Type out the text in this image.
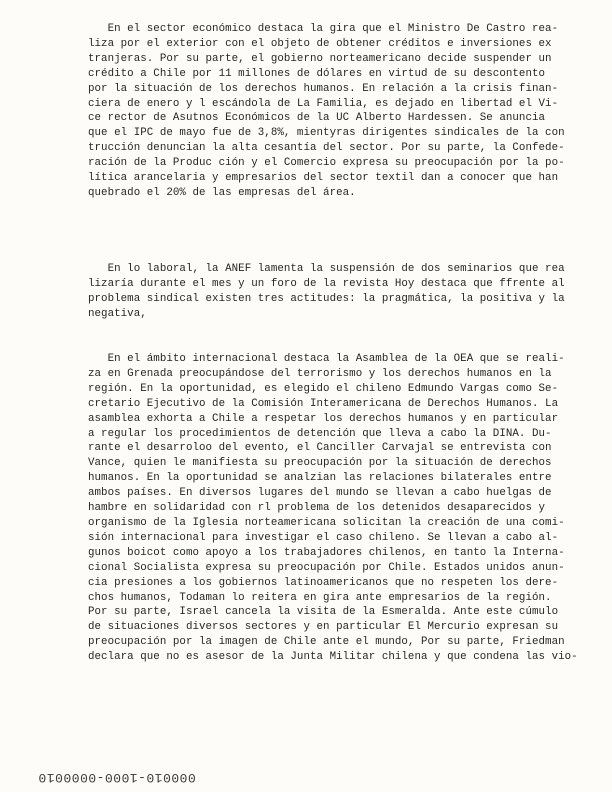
En el sector económico destaca la gira que el Ministro De Castro rea-
liza por el exterior con el objeto de obtener créditos e inversiones ex
tranjeras. Por su parte, el gobierno norteamericano decide suspender un
crédito a Chile por 11 millones de dólares en virtud de su descontento
por la situación de los derechos humanos. En relación a la crisis finan-
ciera de enero y l escándola de La Familia, es dejado en libertad el Vi-
ce rector de Asutnos Económicos de la UC Alberto Hardessen. Se anuncia
que el IPC de mayo fue de 3,8%, mientyras dirigentes sindicales de la con
trucción denuncian la alta cesantía del sector. Por su parte, la Confede-
ración de la Produc ción y el Comercio expresa su preocupación por la po-
lítica arancelaria y empresarios del sector textil dan a conocer que han
quebrado el 20% de las empresas del área.
En lo laboral, la ANEF lamenta la suspensión de dos seminarios que rea
lizaría durante el mes y un foro de la revista Hoy destaca que ffrente al
problema sindical existen tres actitudes: la pragmática, la positiva y la
negativa,
En el ámbito internacional destaca la Asamblea de la OEA que se reali-
za en Grenada preocupándose del terrorismo y los derechos humanos en la
región. En la oportunidad, es elegido el chileno Edmundo Vargas como Se-
cretario Ejecutivo de la Comisión Interamericana de Derechos Humanos. La
asamblea exhorta a Chile a respetar los derechos humanos y en particular
a regular los procedimientos de detención que lleva a cabo la DINA. Du-
rante el desarroloo del evento, el Canciller Carvajal se entrevista con
Vance, quien le manifiesta su preocupación por la situación de derechos
humanos. En la oportunidad se analzian las relaciones bilaterales entre
ambos países. En diversos lugares del mundo se llevan a cabo huelgas de
hambre en solidaridad con rl problema de los detenidos desaparecidos y
organismo de la Iglesia norteamericana solicitan la creación de una comi-
sión internacional para investigar el caso chileno. Se llevan a cabo al-
gunos boicot como apoyo a los trabajadores chilenos, en tanto la Interna-
cional Socialista expresa su preocupación por Chile. Estados unidos anun-
cia presiones a los gobiernos latinoamericanos que no respeten los dere-
chos humanos, Todaman lo reitera en gira ante empresarios de la región.
Por su parte, Israel cancela la visita de la Esmeralda. Ante este cúmulo
de situaciones diversos sectores y en particular El Mercurio expresan su
preocupación por la imagen de Chile ante el mundo, Por su parte, Friedman
declara que no es asesor de la Junta Militar chilena y que condena las vio-
000010-1000-0000010
